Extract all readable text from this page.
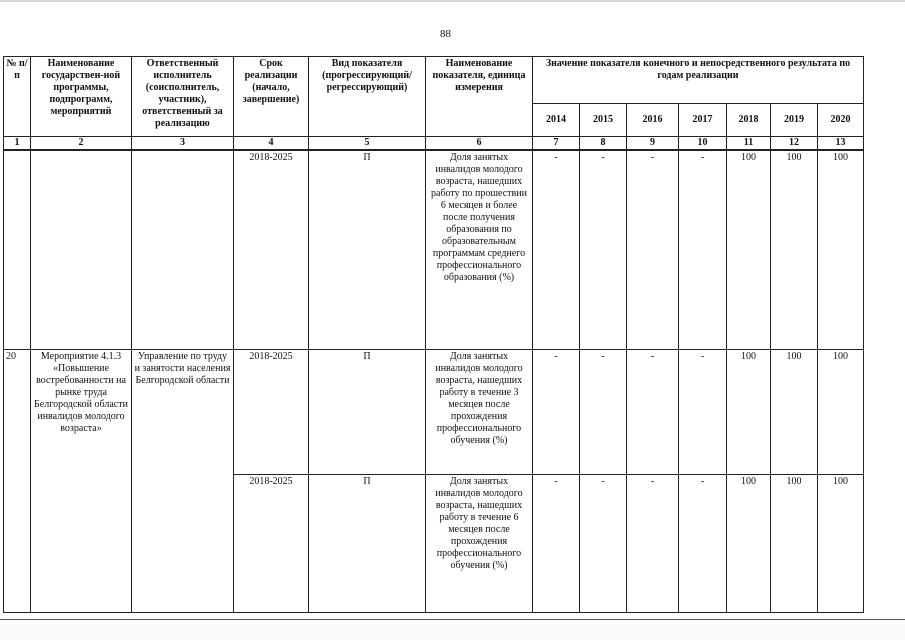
88
№ п/п	Наименование государствен-ной программы, подпрограмм, мероприятий	Ответственный исполнитель (соисполнитель, участник), ответственный за реализацию	Срок реализации (начало, завершение)	Вид показателя (прогрессирующий/ регрессирующий)	Наименование показателя, единица измерения	Значение показателя конечного и непосредственного результата по годам реализации						
						2014	2015	2016	2017	2018	2019	2020
1	2	3	4	5	6	7	8	9	10	11	12	13
			2018-2025	П	Доля занятых инвалидов молодого возраста, нашедших работу по прошествии 6 месяцев и более после получения образования по образовательным программам среднего профессионального образования (%)	-	-	-	-	100	100	100
20	Мероприятие 4.1.3 «Повышение востребованности на рынке труда Белгородской области инвалидов молодого возраста»	Управление по труду и занятости населения Белгородской области	2018-2025	П	Доля занятых инвалидов молодого возраста, нашедших работу в течение 3 месяцев после прохождения профессионального обучения (%)	-	-	-	-	100	100	100
			2018-2025	П	Доля занятых инвалидов молодого возраста, нашедших работу в течение 6 месяцев после прохождения профессионального обучения (%)	-	-	-	-	100	100	100
